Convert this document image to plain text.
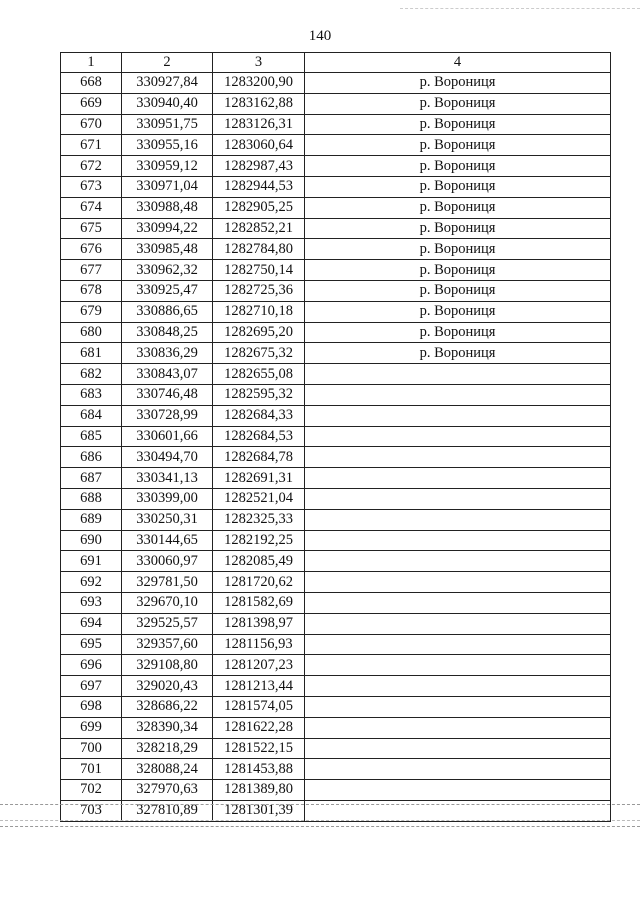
140
1	2	3	4
668	330927,84	1283200,90	р. Ворониця
669	330940,40	1283162,88	р. Ворониця
670	330951,75	1283126,31	р. Ворониця
671	330955,16	1283060,64	р. Ворониця
672	330959,12	1282987,43	р. Ворониця
673	330971,04	1282944,53	р. Ворониця
674	330988,48	1282905,25	р. Ворониця
675	330994,22	1282852,21	р. Ворониця
676	330985,48	1282784,80	р. Ворониця
677	330962,32	1282750,14	р. Ворониця
678	330925,47	1282725,36	р. Ворониця
679	330886,65	1282710,18	р. Ворониця
680	330848,25	1282695,20	р. Ворониця
681	330836,29	1282675,32	р. Ворониця
682	330843,07	1282655,08	
683	330746,48	1282595,32	
684	330728,99	1282684,33	
685	330601,66	1282684,53	
686	330494,70	1282684,78	
687	330341,13	1282691,31	
688	330399,00	1282521,04	
689	330250,31	1282325,33	
690	330144,65	1282192,25	
691	330060,97	1282085,49	
692	329781,50	1281720,62	
693	329670,10	1281582,69	
694	329525,57	1281398,97	
695	329357,60	1281156,93	
696	329108,80	1281207,23	
697	329020,43	1281213,44	
698	328686,22	1281574,05	
699	328390,34	1281622,28	
700	328218,29	1281522,15	
701	328088,24	1281453,88	
702	327970,63	1281389,80	
703	327810,89	1281301,39	
